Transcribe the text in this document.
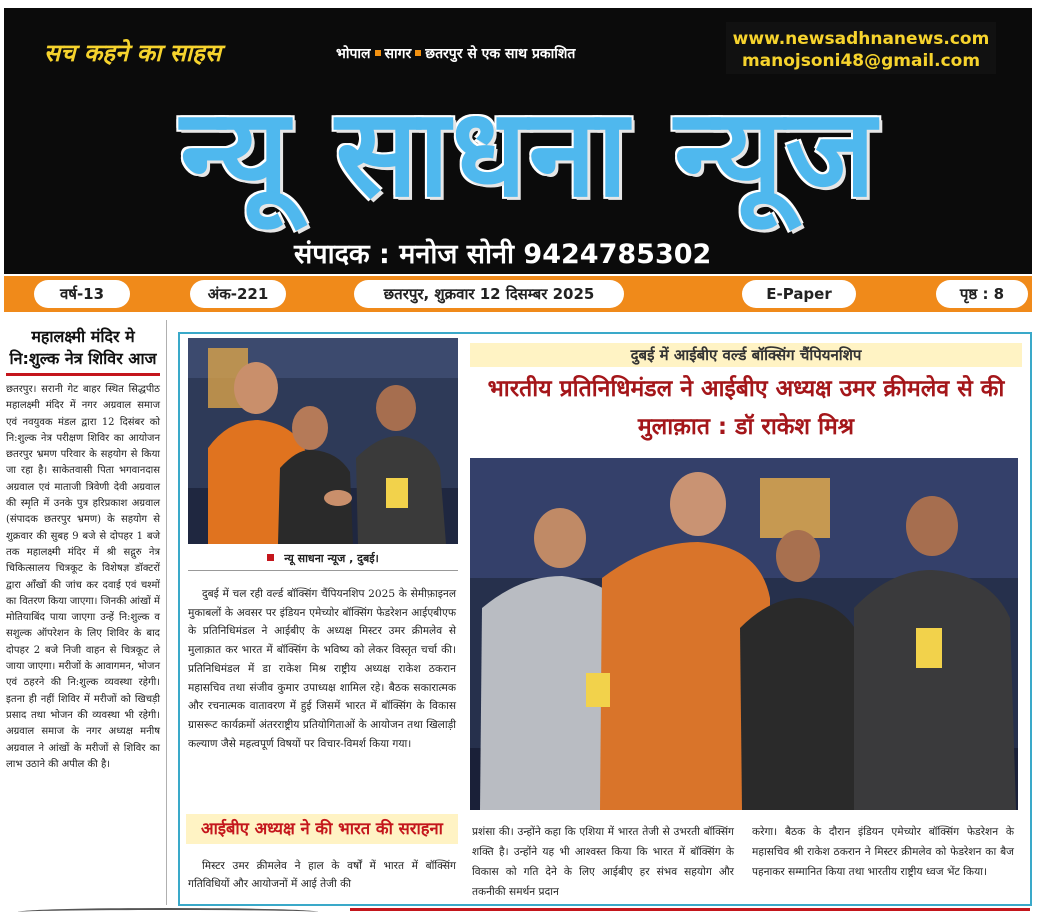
सच कहने का साहस	भोपाल सागर छतरपुर से एक साथ प्रकाशित
www.newsadhnanews.com
manojsoni48@gmail.com
न्यू साधना न्यूज
संपादक : मनोज सोनी 9424785302
वर्ष-13	अंक-221	छतरपुर, शुक्रवार 12 दिसम्बर 2025	E-Paper	पृष्ठ : 8
महालक्ष्मी मंदिर मे नि:शुल्क नेत्र शिविर आज
छतरपुर। सरानी गेट बाहर स्थित सिद्धपीठ महालक्ष्मी मंदिर में नगर अग्रवाल समाज एवं नवयुवक मंडल द्वारा 12 दिसंबर को नि:शुल्क नेत्र परीक्षण शिविर का आयोजन छतरपुर भ्रमण परिवार के सहयोग से किया जा रहा है। साकेतवासी पिता भगवानदास अग्रवाल एवं माताजी त्रिवेणी देवी अग्रवाल की स्मृति में उनके पुत्र हरिप्रकाश अग्रवाल (संपादक छतरपुर भ्रमण) के सहयोग से शुक्रवार की सुबह 9 बजे से दोपहर 1 बजे तक महालक्ष्मी मंदिर में श्री सद्गुरु नेत्र चिकित्सालय चित्रकूट के विशेषज्ञ डॉक्टरों द्वारा आँखों की जांच कर दवाई एवं चश्मों का वितरण किया जाएगा। जिनकी आंखों में मोतियाबिंद पाया जाएगा उन्हें नि:शुल्क व सशुल्क ऑपरेशन के लिए शिविर के बाद दोपहर 2 बजे निजी वाहन से चित्रकूट ले जाया जाएगा। मरीजों के आवागमन, भोजन एवं ठहरने की नि:शुल्क व्यवस्था रहेगी। इतना ही नहीं शिविर में मरीजों को खिचड़ी प्रसाद तथा भोजन की व्यवस्था भी रहेगी। अग्रवाल समाज के नगर अध्यक्ष मनीष अग्रवाल ने आंखों के मरीजों से शिविर का लाभ उठाने की अपील की है।
न्यू साधना न्यूज , दुबई।
दुबई में चल रही वर्ल्ड बॉक्सिंग चैंपियनशिप 2025 के सेमीफ़ाइनल मुकाबलों के अवसर पर इंडियन एमेच्योर बॉक्सिंग फेडरेशन आईएबीएफ के प्रतिनिधिमंडल ने आईबीए के अध्यक्ष मिस्टर उमर क्रीमलेव से मुलाक़ात कर भारत में बॉक्सिंग के भविष्य को लेकर विस्तृत चर्चा की। प्रतिनिधिमंडल में डा राकेश मिश्र राष्ट्रीय अध्यक्ष राकेश ठकरान महासचिव तथा संजीव कुमार उपाध्यक्ष शामिल रहे। बैठक सकारात्मक और रचनात्मक वातावरण में हुई जिसमें भारत में बॉक्सिंग के विकास ग्रासरूट कार्यक्रमों अंतरराष्ट्रीय प्रतियोगिताओं के आयोजन तथा खिलाड़ी कल्याण जैसे महत्वपूर्ण विषयों पर विचार-विमर्श किया गया।
आईबीए अध्यक्ष ने की भारत की सराहना
मिस्टर उमर क्रीमलेव ने हाल के वर्षों में भारत में बॉक्सिंग गतिविधियों और आयोजनों में आई तेजी की
दुबई में आईबीए वर्ल्ड बॉक्सिंग चैंपियनशिप
भारतीय प्रतिनिधिमंडल ने आईबीए अध्यक्ष उमर क्रीमलेव से की मुलाक़ात : डॉ राकेश मिश्र
प्रशंसा की। उन्होंने कहा कि एशिया में भारत तेजी से उभरती बॉक्सिंग शक्ति है। उन्होंने यह भी आश्वस्त किया कि भारत में बॉक्सिंग के विकास को गति देने के लिए आईबीए हर संभव सहयोग और तकनीकी समर्थन प्रदान
करेगा। बैठक के दौरान इंडियन एमेच्योर बॉक्सिंग फेडरेशन के महासचिव श्री राकेश ठकरान ने मिस्टर क्रीमलेव को फेडरेशन का बैज पहनाकर सम्मानित किया तथा भारतीय राष्ट्रीय ध्वज भेंट किया।
